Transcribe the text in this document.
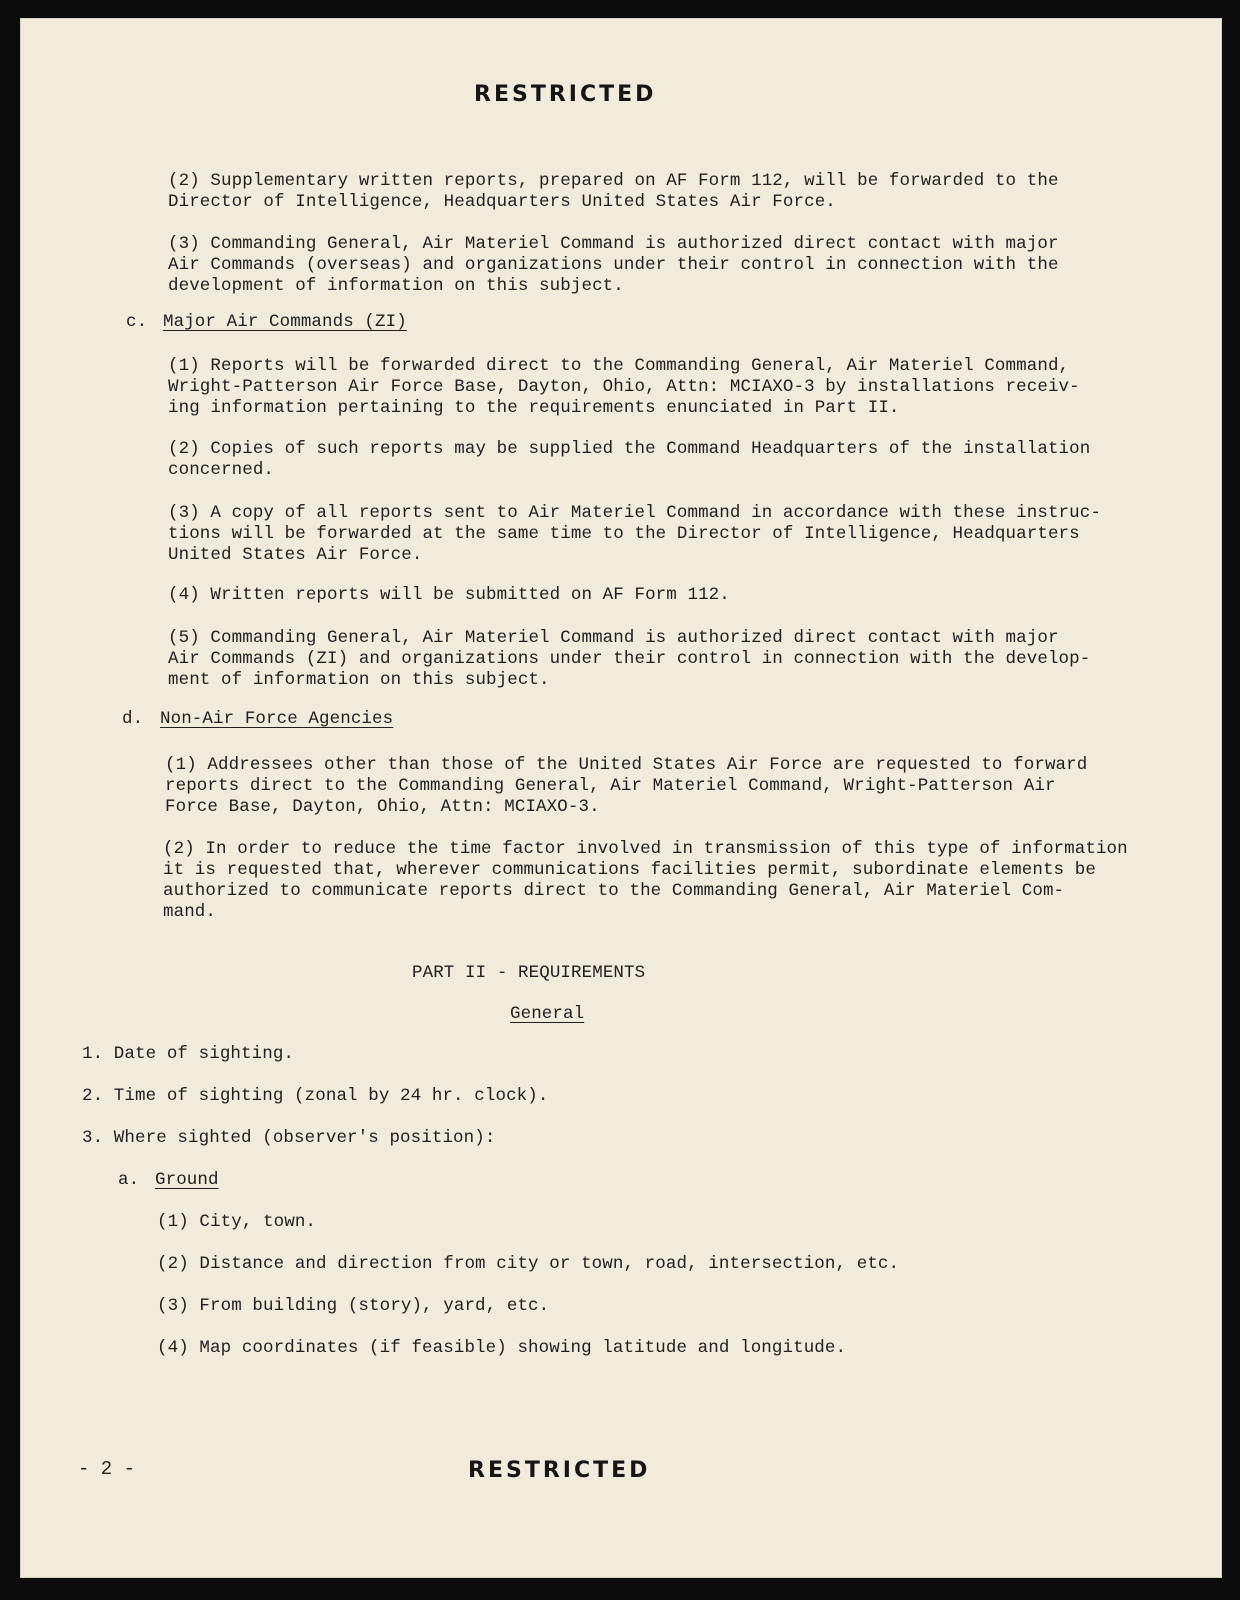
RESTRICTED
(2) Supplementary written reports, prepared on AF Form 112, will be forwarded to the
Director of Intelligence, Headquarters United States Air Force.
(3) Commanding General, Air Materiel Command is authorized direct contact with major
Air Commands (overseas) and organizations under their control in connection with the
development of information on this subject.
c. Major Air Commands (ZI)
(1) Reports will be forwarded direct to the Commanding General, Air Materiel Command,
Wright-Patterson Air Force Base, Dayton, Ohio, Attn: MCIAXO-3 by installations receiv-
ing information pertaining to the requirements enunciated in Part II.
(2) Copies of such reports may be supplied the Command Headquarters of the installation
concerned.
(3) A copy of all reports sent to Air Materiel Command in accordance with these instruc-
tions will be forwarded at the same time to the Director of Intelligence, Headquarters
United States Air Force.
(4) Written reports will be submitted on AF Form 112.
(5) Commanding General, Air Materiel Command is authorized direct contact with major
Air Commands (ZI) and organizations under their control in connection with the develop-
ment of information on this subject.
d. Non-Air Force Agencies
(1) Addressees other than those of the United States Air Force are requested to forward
reports direct to the Commanding General, Air Materiel Command, Wright-Patterson Air
Force Base, Dayton, Ohio, Attn: MCIAXO-3.
(2) In order to reduce the time factor involved in transmission of this type of information
it is requested that, wherever communications facilities permit, subordinate elements be
authorized to communicate reports direct to the Commanding General, Air Materiel Com-
mand.
PART II - REQUIREMENTS
General
1. Date of sighting.
2. Time of sighting (zonal by 24 hr. clock).
3. Where sighted (observer's position):
a. Ground
(1) City, town.
(2) Distance and direction from city or town, road, intersection, etc.
(3) From building (story), yard, etc.
(4) Map coordinates (if feasible) showing latitude and longitude.
- 2 -	RESTRICTED
